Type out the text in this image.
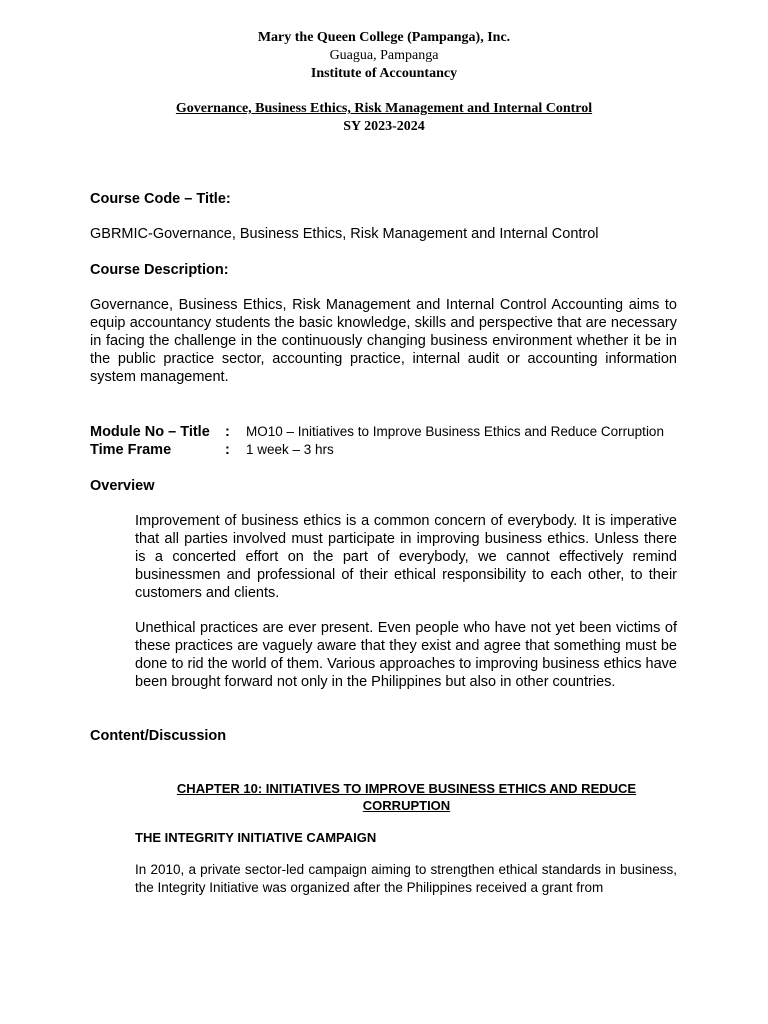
Mary the Queen College (Pampanga), Inc.
Guagua, Pampanga
Institute of Accountancy
Governance, Business Ethics, Risk Management and Internal Control
SY 2023-2024
Course Code – Title:
GBRMIC-Governance, Business Ethics, Risk Management and Internal Control
Course Description:

Governance, Business Ethics, Risk Management and Internal Control Accounting aims to equip accountancy students the basic knowledge, skills and perspective that are necessary in facing the challenge in the continuously changing business environment whether it be in the public practice sector, accounting practice, internal audit or accounting information system management.

Module No – Title	: MO10 – Initiatives to Improve Business Ethics and Reduce Corruption
Time Frame	: 1 week – 3 hrs
Overview

Improvement of business ethics is a common concern of everybody. It is imperative that all parties involved must participate in improving business ethics. Unless there is a concerted effort on the part of everybody, we cannot effectively remind businessmen and professional of their ethical responsibility to each other, to their customers and clients.

Unethical practices are ever present. Even people who have not yet been victims of these practices are vaguely aware that they exist and agree that something must be done to rid the world of them. Various approaches to improving business ethics have been brought forward not only in the Philippines but also in other countries.

Content/Discussion
CHAPTER 10: INITIATIVES TO IMPROVE BUSINESS ETHICS AND REDUCE CORRUPTION
THE INTEGRITY INITIATIVE CAMPAIGN

In 2010, a private sector-led campaign aiming to strengthen ethical standards in business, the Integrity Initiative was organized after the Philippines received a grant from
